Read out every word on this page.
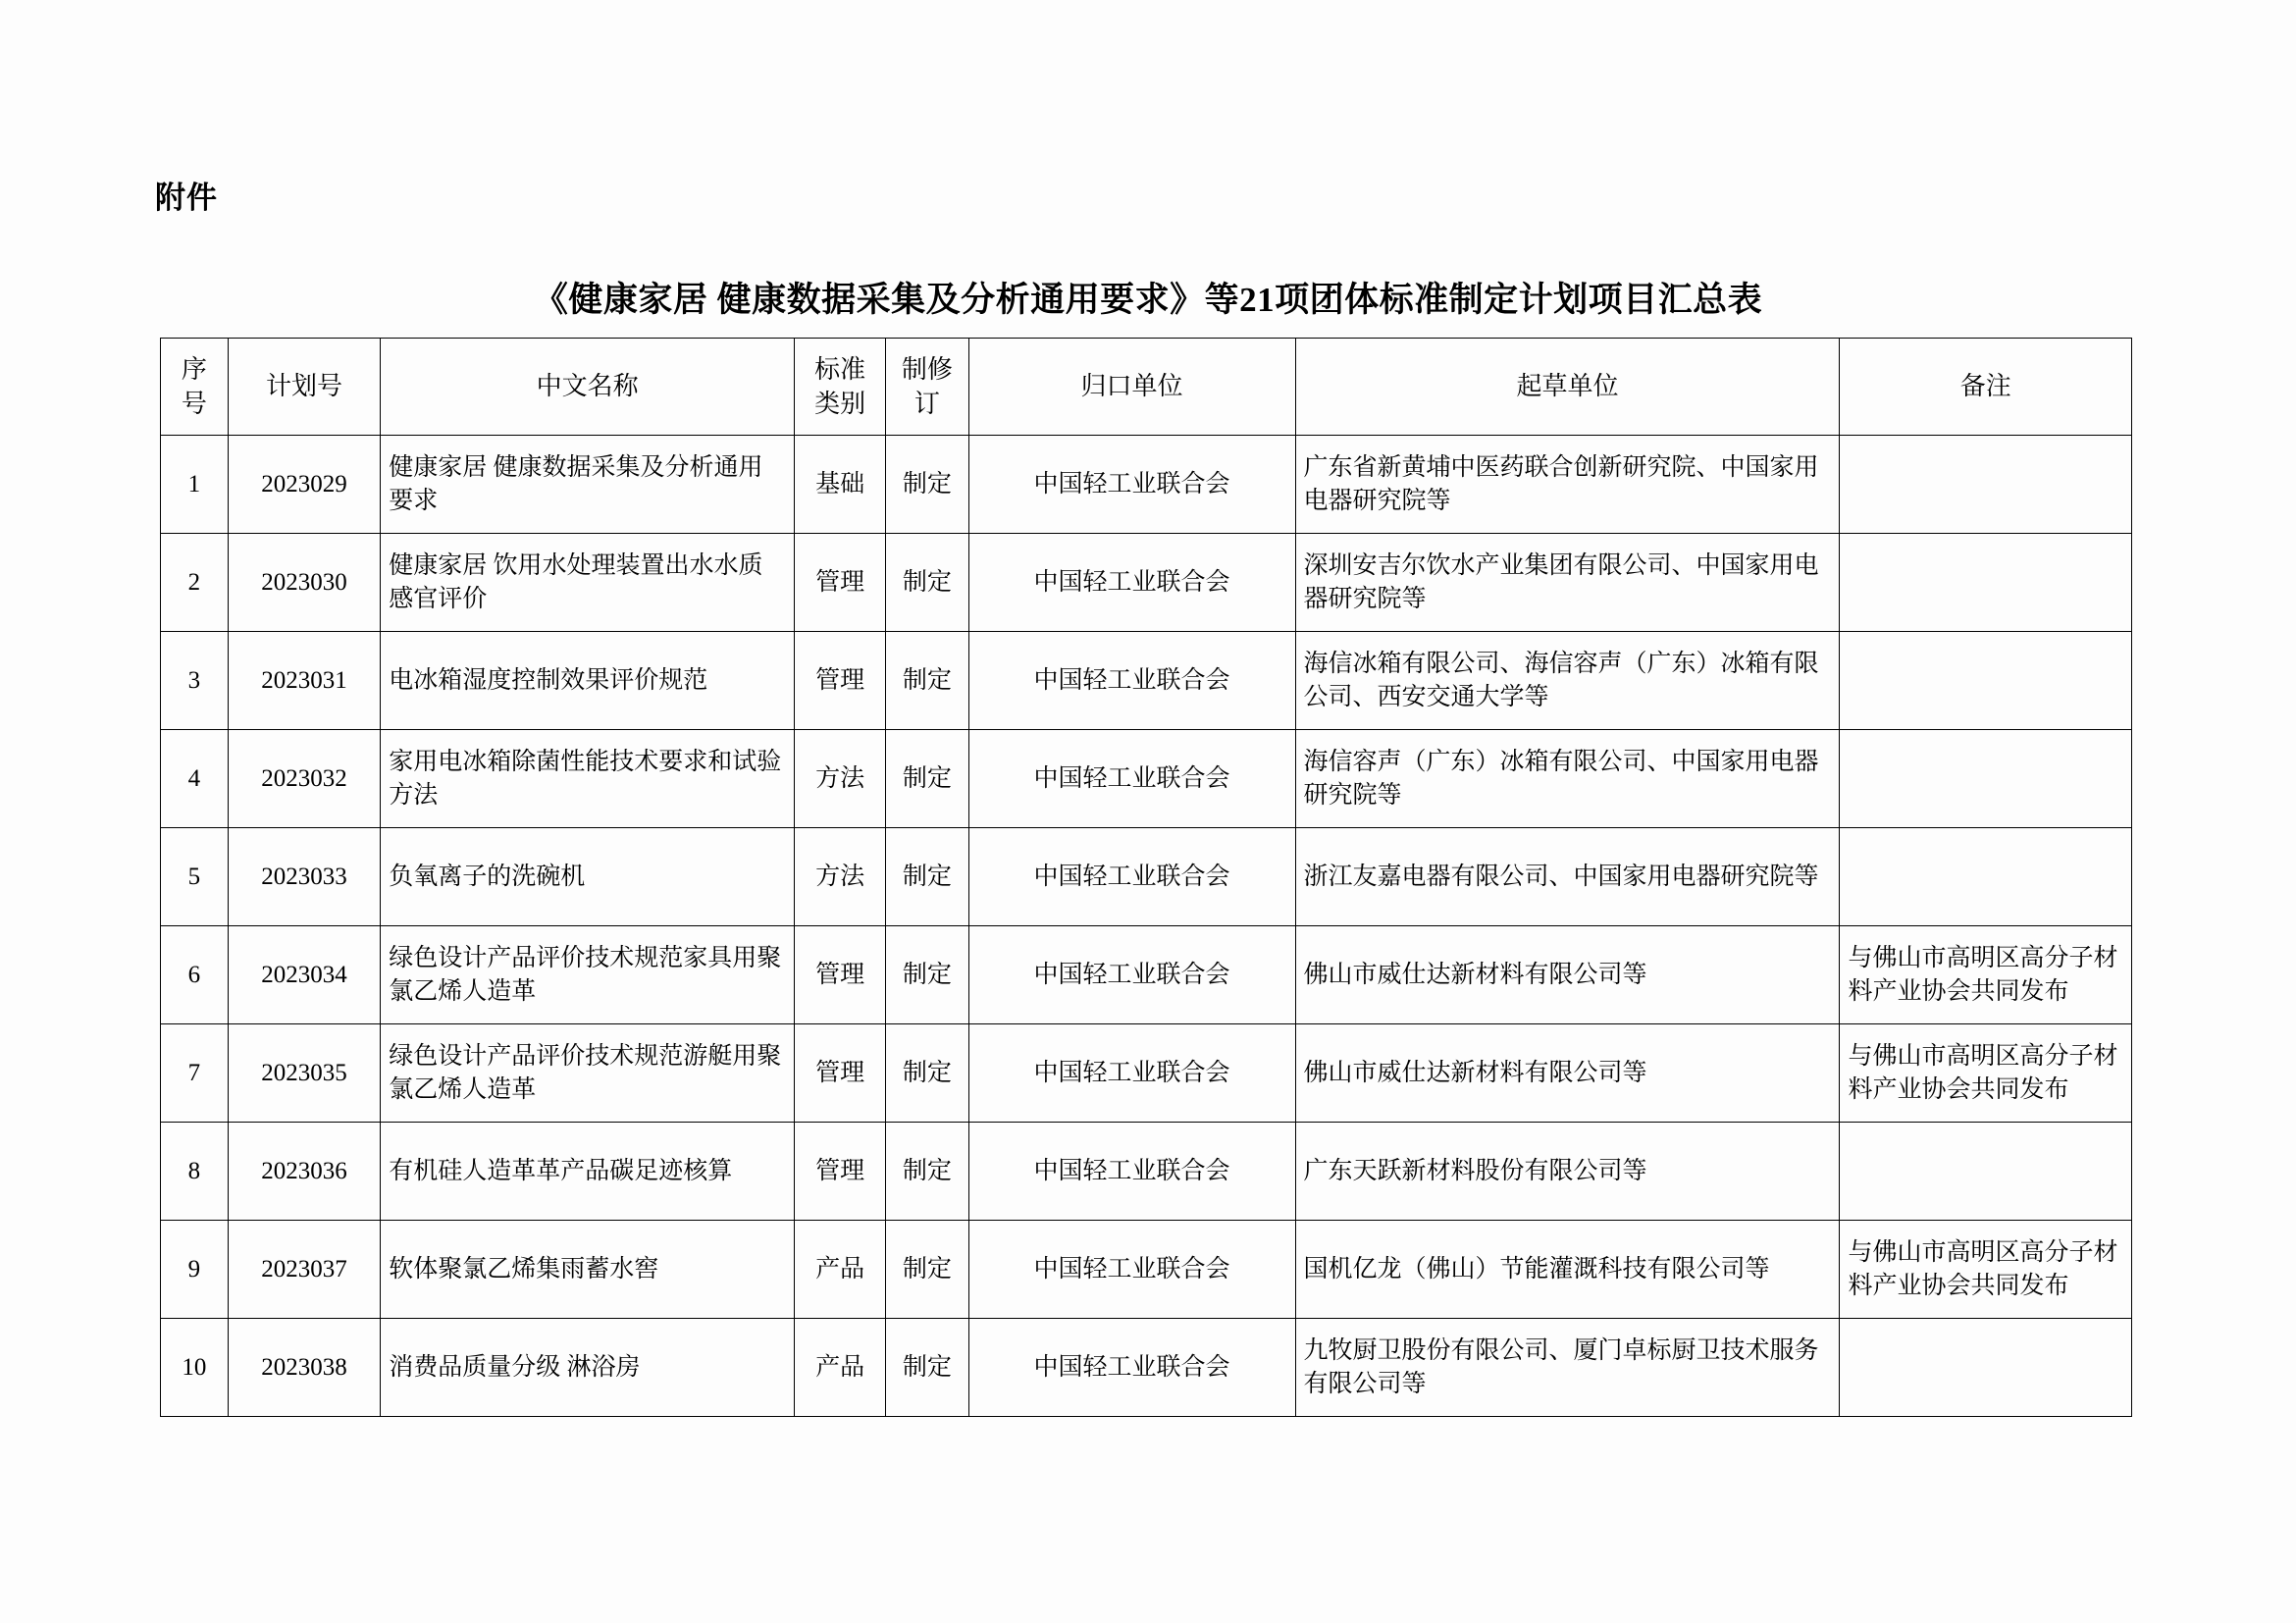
附件
《健康家居 健康数据采集及分析通用要求》等21项团体标准制定计划项目汇总表
序号	计划号	中文名称	标准类别	制修订	归口单位	起草单位	备注
1	2023029	健康家居 健康数据采集及分析通用要求	基础	制定	中国轻工业联合会	广东省新黄埔中医药联合创新研究院、中国家用电器研究院等	
2	2023030	健康家居 饮用水处理装置出水水质 感官评价	管理	制定	中国轻工业联合会	深圳安吉尔饮水产业集团有限公司、中国家用电器研究院等	
3	2023031	电冰箱湿度控制效果评价规范	管理	制定	中国轻工业联合会	海信冰箱有限公司、海信容声（广东）冰箱有限公司、西安交通大学等	
4	2023032	家用电冰箱除菌性能技术要求和试验方法	方法	制定	中国轻工业联合会	海信容声（广东）冰箱有限公司、中国家用电器研究院等	
5	2023033	负氧离子的洗碗机	方法	制定	中国轻工业联合会	浙江友嘉电器有限公司、中国家用电器研究院等	
6	2023034	绿色设计产品评价技术规范家具用聚氯乙烯人造革	管理	制定	中国轻工业联合会	佛山市威仕达新材料有限公司等	与佛山市高明区高分子材料产业协会共同发布
7	2023035	绿色设计产品评价技术规范游艇用聚氯乙烯人造革	管理	制定	中国轻工业联合会	佛山市威仕达新材料有限公司等	与佛山市高明区高分子材料产业协会共同发布
8	2023036	有机硅人造革革产品碳足迹核算	管理	制定	中国轻工业联合会	广东天跃新材料股份有限公司等	
9	2023037	软体聚氯乙烯集雨蓄水窖	产品	制定	中国轻工业联合会	国机亿龙（佛山）节能灌溉科技有限公司等	与佛山市高明区高分子材料产业协会共同发布
10	2023038	消费品质量分级 淋浴房	产品	制定	中国轻工业联合会	九牧厨卫股份有限公司、厦门卓标厨卫技术服务有限公司等	
